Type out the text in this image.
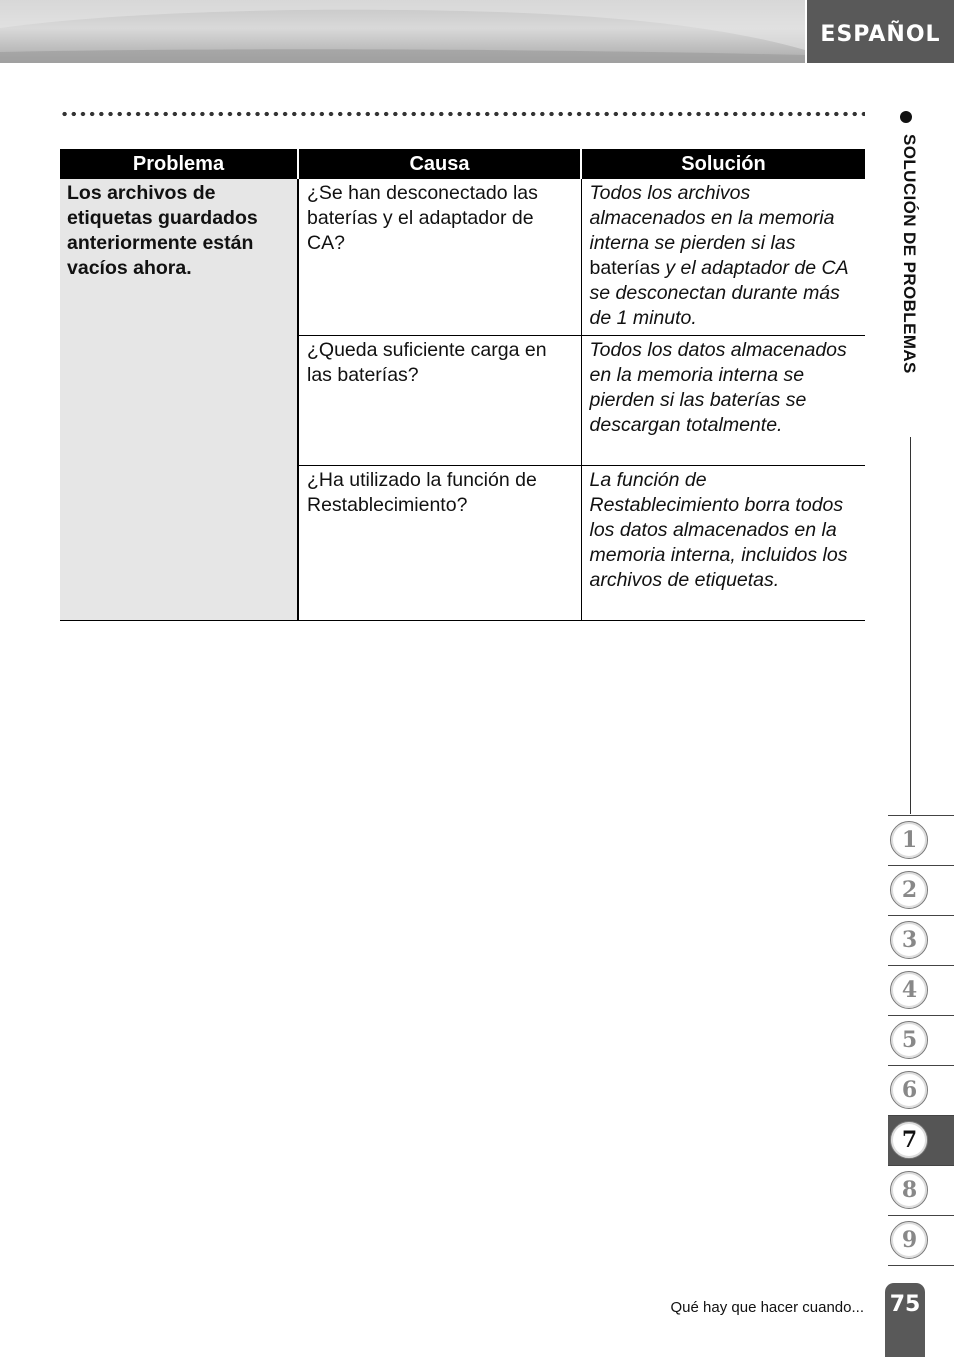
ESPAÑOL
Problema	Causa	Solución
Los archivos de etiquetas guardados anteriormente están vacíos ahora.	¿Se han desconectado las baterías y el adaptador de CA?	Todos los archivos almacenados en la memoria interna se pierden si las baterías y el adaptador de CA se desconectan durante más de 1 minuto.
	¿Queda suficiente carga en las baterías?	Todos los datos almacenados en la memoria interna se pierden si las baterías se descargan totalmente.
	¿Ha utilizado la función de Restablecimiento?	La función de Restablecimiento borra todos los datos almacenados en la memoria interna, incluidos los archivos de etiquetas.
SOLUCIÓN DE PROBLEMAS
1
2
3
4
5
6
7
8
9
Qué hay que hacer cuando... 75
